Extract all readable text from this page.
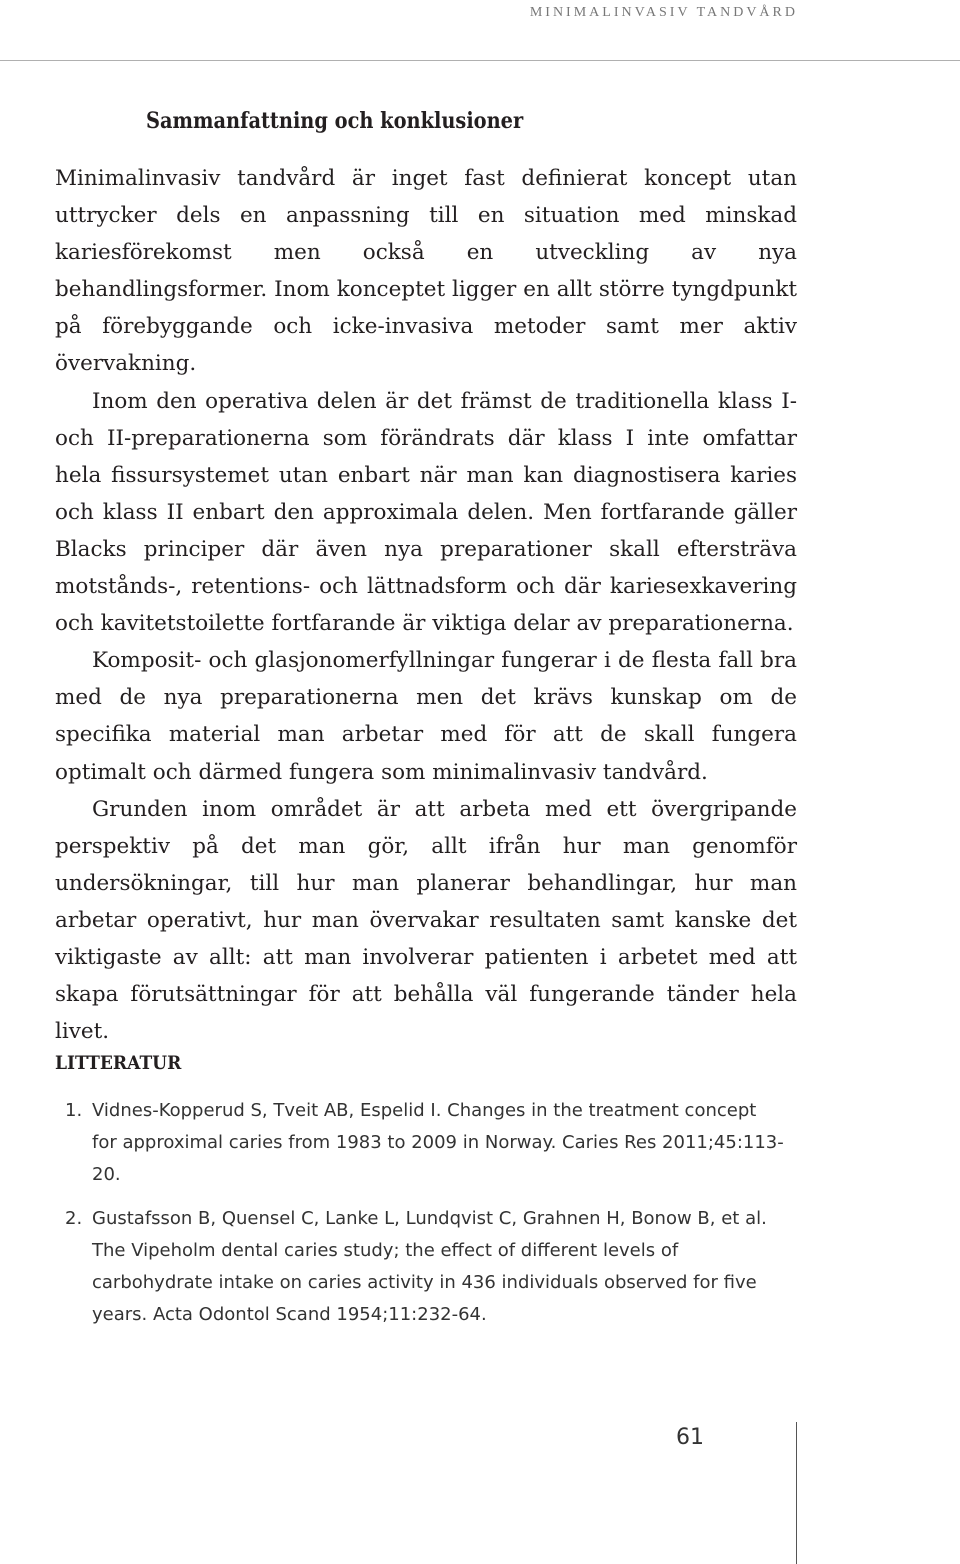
MINIMALINVASIV TANDVÅRD
Sammanfattning och konklusioner

Minimalinvasiv tandvård är inget fast definierat koncept utan uttrycker dels en anpassning till en situation med minskad kariesförekomst men också en utveckling av nya behandlingsformer. Inom konceptet ligger en allt större tyngdpunkt på förebyggande och icke-invasiva metoder samt mer aktiv övervakning.

Inom den operativa delen är det främst de traditionella klass I- och II-preparationerna som förändrats där klass I inte omfattar hela fissursystemet utan enbart när man kan diagnostisera karies och klass II enbart den approximala delen. Men fortfarande gäller Blacks principer där även nya preparationer skall eftersträva motstånds-, retentions- och lättnadsform och där kariesexkavering och kavitetstoilette fortfarande är viktiga delar av preparationerna.

Komposit- och glasjonomerfyllningar fungerar i de flesta fall bra med de nya preparationerna men det krävs kunskap om de specifika material man arbetar med för att de skall fungera optimalt och därmed fungera som minimalinvasiv tandvård.

Grunden inom området är att arbeta med ett övergripande perspektiv på det man gör, allt ifrån hur man genomför undersökningar, till hur man planerar behandlingar, hur man arbetar operativt, hur man övervakar resultaten samt kanske det viktigaste av allt: att man involverar patienten i arbetet med att skapa förutsättningar för att behålla väl fungerande tänder hela livet.

LITTERATUR
1. Vidnes-Kopperud S, Tveit AB, Espelid I. Changes in the treatment concept for approximal caries from 1983 to 2009 in Norway. Caries Res 2011;45:113-20.
2. Gustafsson B, Quensel C, Lanke L, Lundqvist C, Grahnen H, Bonow B, et al. The Vipeholm dental caries study; the effect of different levels of carbohydrate intake on caries activity in 436 individuals observed for five years. Acta Odontol Scand 1954;11:232-64.
61
